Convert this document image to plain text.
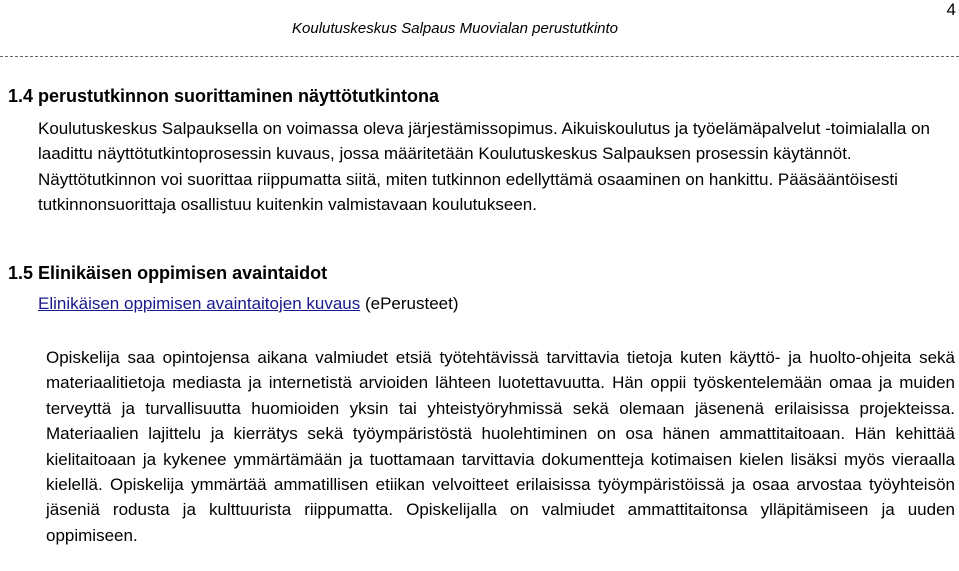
Koulutuskeskus Salpaus Muovialan perustutkinto
4
1.4 perustutkinnon suorittaminen näyttötutkintona

Koulutuskeskus Salpauksella on voimassa oleva järjestämissopimus. Aikuiskoulutus ja työelämäpalvelut -toimialalla on laadittu näyttötutkintoprosessin kuvaus, jossa määritetään Koulutuskeskus Salpauksen prosessin käytännöt. Näyttötutkinnon voi suorittaa riippumatta siitä, miten tutkinnon edellyttämä osaaminen on hankittu. Pääsääntöisesti tutkinnonsuorittaja osallistuu kuitenkin valmistavaan koulutukseen.

1.5 Elinikäisen oppimisen avaintaidot
Elinikäisen oppimisen avaintaitojen kuvaus (ePerusteet)

Opiskelija saa opintojensa aikana valmiudet etsiä työtehtävissä tarvittavia tietoja kuten käyttö- ja huolto-ohjeita sekä materiaalitietoja mediasta ja internetistä arvioiden lähteen luotettavuutta. Hän oppii työskentelemään omaa ja muiden terveyttä ja turvallisuutta huomioiden yksin tai yhteistyöryhmissä sekä olemaan jäsenenä erilaisissa projekteissa. Materiaalien lajittelu ja kierrätys sekä työympäristöstä huolehtiminen on osa hänen ammattitaitoaan. Hän kehittää kielitaitoaan ja kykenee ymmärtämään ja tuottamaan tarvittavia dokumentteja kotimaisen kielen lisäksi myös vieraalla kielellä. Opiskelija ymmärtää ammatillisen etiikan velvoitteet erilaisissa työympäristöissä ja osaa arvostaa työyhteisön jäseniä rodusta ja kulttuurista riippumatta. Opiskelijalla on valmiudet ammattitaitonsa ylläpitämiseen ja uuden oppimiseen.
